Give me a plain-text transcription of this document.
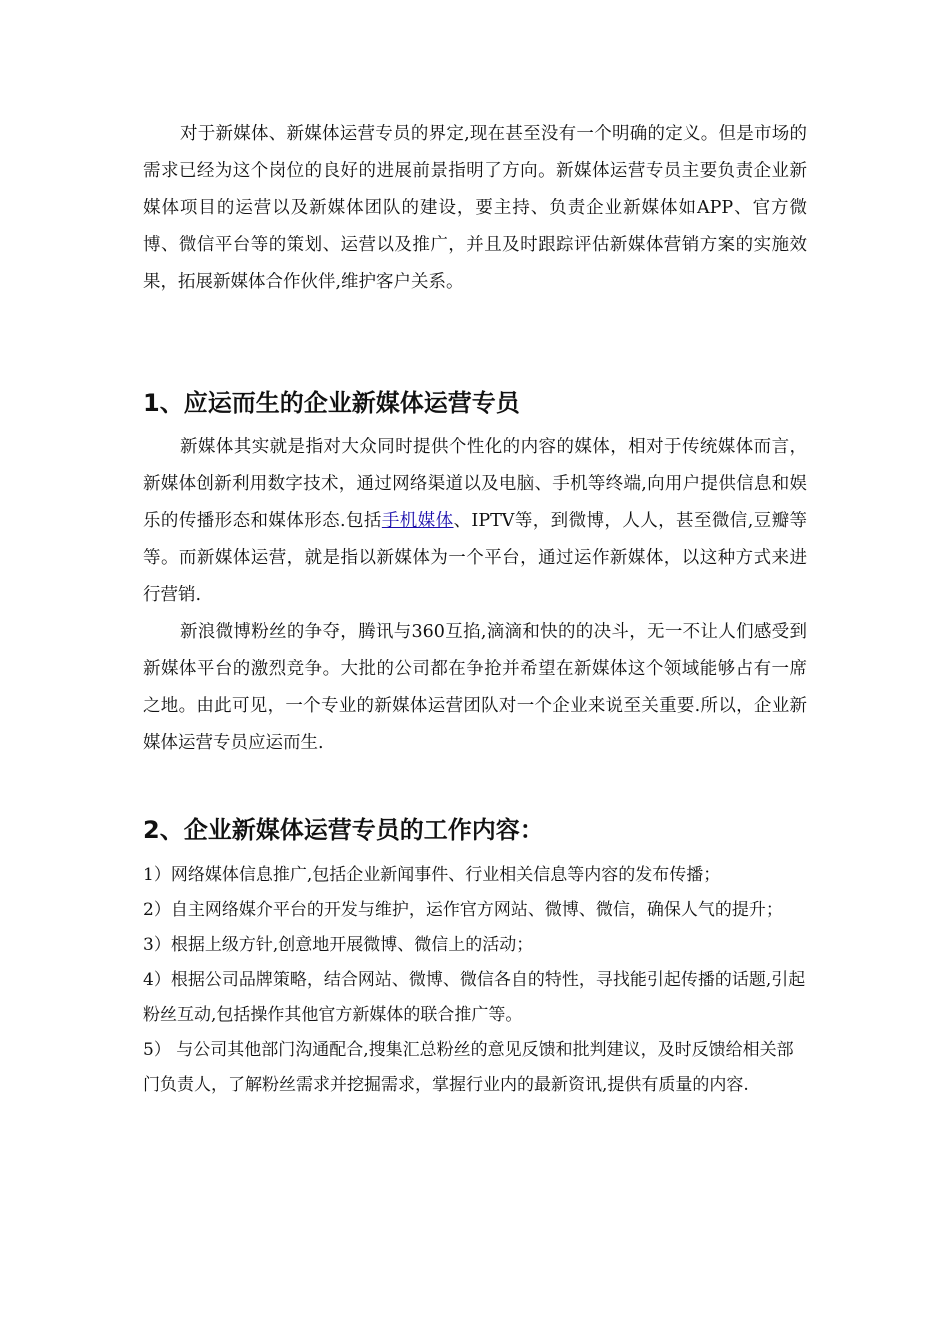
对于新媒体、新媒体运营专员的界定,现在甚至没有一个明确的定义。但是市场的需求已经为这个岗位的良好的进展前景指明了方向。新媒体运营专员主要负责企业新媒体项目的运营以及新媒体团队的建设，要主持、负责企业新媒体如APP、官方微博、微信平台等的策划、运营以及推广，并且及时跟踪评估新媒体营销方案的实施效果，拓展新媒体合作伙伴,维护客户关系。

1、应运而生的企业新媒体运营专员

新媒体其实就是指对大众同时提供个性化的内容的媒体，相对于传统媒体而言，新媒体创新利用数字技术，通过网络渠道以及电脑、手机等终端,向用户提供信息和娱乐的传播形态和媒体形态.包括手机媒体、IPTV等，到微博，人人，甚至微信,豆瓣等等。而新媒体运营，就是指以新媒体为一个平台，通过运作新媒体，以这种方式来进行营销.

新浪微博粉丝的争夺，腾讯与360互掐,滴滴和快的的决斗，无一不让人们感受到新媒体平台的激烈竞争。大批的公司都在争抢并希望在新媒体这个领域能够占有一席之地。由此可见，一个专业的新媒体运营团队对一个企业来说至关重要.所以，企业新媒体运营专员应运而生.

2、企业新媒体运营专员的工作内容：

1）网络媒体信息推广,包括企业新闻事件、行业相关信息等内容的发布传播；

2）自主网络媒介平台的开发与维护，运作官方网站、微博、微信，确保人气的提升；

3）根据上级方针,创意地开展微博、微信上的活动；

4）根据公司品牌策略，结合网站、微博、微信各自的特性，寻找能引起传播的话题,引起粉丝互动,包括操作其他官方新媒体的联合推广等。

5） 与公司其他部门沟通配合,搜集汇总粉丝的意见反馈和批判建议，及时反馈给相关部门负责人，了解粉丝需求并挖掘需求，掌握行业内的最新资讯,提供有质量的内容.
